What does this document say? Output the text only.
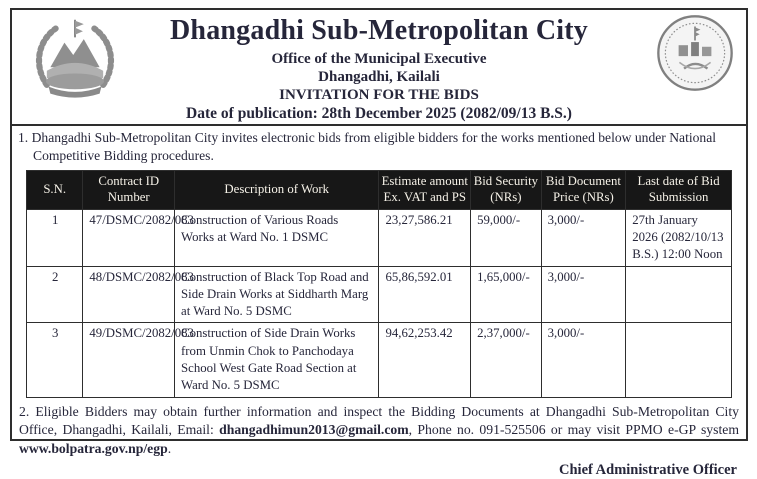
Dhangadhi Sub-Metropolitan City
Office of the Municipal Executive
Dhangadhi, Kailali
INVITATION FOR THE BIDS
Date of publication: 28th December 2025 (2082/09/13 B.S.)

1. Dhangadhi Sub-Metropolitan City invites electronic bids from eligible bidders for the works mentioned below under National Competitive Bidding procedures.

S.N.	Contract ID Number	Description of Work	Estimate amount Ex. VAT and PS	Bid Security (NRs)	Bid Document Price (NRs)	Last date of Bid Submission
1	47/DSMC/2082/083	Construction of Various Roads Works at Ward No. 1 DSMC	23,27,586.21	59,000/-	3,000/-	27th January 2026 (2082/10/13 B.S.) 12:00 Noon
2	48/DSMC/2082/083	Construction of Black Top Road and Side Drain Works at Siddharth Marg at Ward No. 5 DSMC	65,86,592.01	1,65,000/-	3,000/-	
3	49/DSMC/2082/083	Construction of Side Drain Works from Unmin Chok to Panchodaya School West Gate Road Section at Ward No. 5 DSMC	94,62,253.42	2,37,000/-	3,000/-	

2. Eligible Bidders may obtain further information and inspect the Bidding Documents at Dhangadhi Sub-Metropolitan City Office, Dhangadhi, Kailali, Email: dhangadhimun2013@gmail.com, Phone no. 091-525506 or may visit PPMO e-GP system www.bolpatra.gov.np/egp.

Chief Administrative Officer
